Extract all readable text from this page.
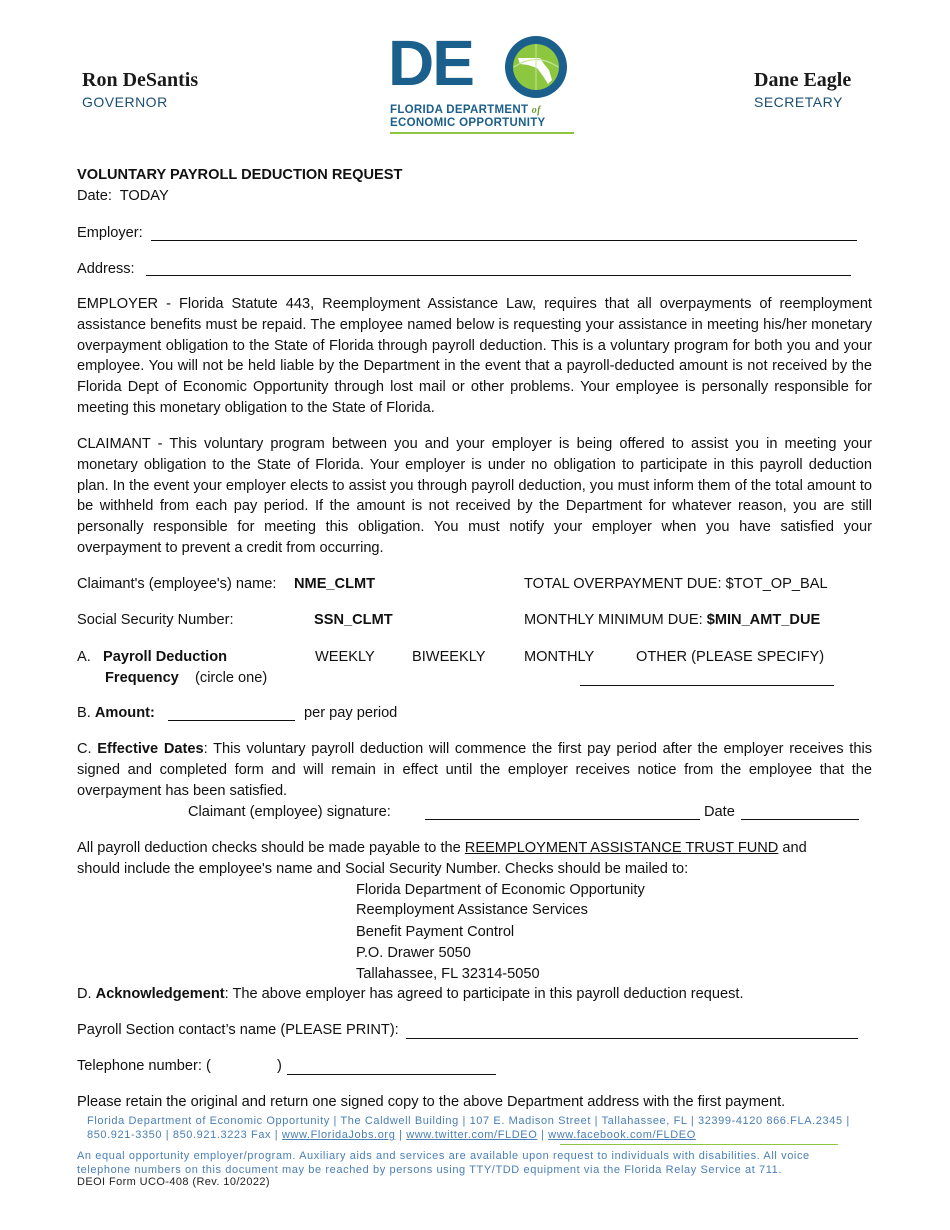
Ron DeSantis
GOVERNOR
Dane Eagle
SECRETARY
DE
FLORIDA DEPARTMENT of
ECONOMIC OPPORTUNITY
VOLUNTARY PAYROLL DEDUCTION REQUEST
Date: TODAY
Employer:
Address:
EMPLOYER - Florida Statute 443, Reemployment Assistance Law, requires that all overpayments of reemployment assistance benefits must be repaid. The employee named below is requesting your assistance in meeting his/her monetary overpayment obligation to the State of Florida through payroll deduction. This is a voluntary program for both you and your employee. You will not be held liable by the Department in the event that a payroll-deducted amount is not received by the Florida Dept of Economic Opportunity through lost mail or other problems. Your employee is personally responsible for meeting this monetary obligation to the State of Florida.
CLAIMANT - This voluntary program between you and your employer is being offered to assist you in meeting your monetary obligation to the State of Florida. Your employer is under no obligation to participate in this payroll deduction plan. In the event your employer elects to assist you through payroll deduction, you must inform them of the total amount to be withheld from each pay period. If the amount is not received by the Department for whatever reason, you are still personally responsible for meeting this obligation. You must notify your employer when you have satisfied your overpayment to prevent a credit from occurring.
Claimant's (employee's) name: NME_CLMT	TOTAL OVERPAYMENT DUE: $TOT_OP_BAL
Social Security Number:	SSN_CLMT	MONTHLY MINIMUM DUE: $MIN_AMT_DUE
A. Payroll Deduction
Frequency (circle one)
WEEKLY	BIWEEKLY	MONTHLY	OTHER (PLEASE SPECIFY)
B. Amount:	per pay period
C. Effective Dates: This voluntary payroll deduction will commence the first pay period after the employer receives this signed and completed form and will remain in effect until the employer receives notice from the employee that the overpayment has been satisfied.
Claimant (employee) signature:	Date
All payroll deduction checks should be made payable to the REEMPLOYMENT ASSISTANCE TRUST FUND and
should include the employee's name and Social Security Number. Checks should be mailed to:
Florida Department of Economic Opportunity
Reemployment Assistance Services
Benefit Payment Control
P.O. Drawer 5050
Tallahassee, FL 32314-5050
D. Acknowledgement: The above employer has agreed to participate in this payroll deduction request.
Payroll Section contact’s name (PLEASE PRINT):
Telephone number: (	)
Please retain the original and return one signed copy to the above Department address with the first payment.
Florida Department of Economic Opportunity | The Caldwell Building | 107 E. Madison Street | Tallahassee, FL | 32399-4120 866.FLA.2345 |
850.921-3350 | 850.921.3223 Fax | www.FloridaJobs.org | www.twitter.com/FLDEO | www.facebook.com/FLDEO
An equal opportunity employer/program. Auxiliary aids and services are available upon request to individuals with disabilities. All voice telephone numbers on this document may be reached by persons using TTY/TDD equipment via the Florida Relay Service at 711.
DEOI Form UCO-408 (Rev. 10/2022)
